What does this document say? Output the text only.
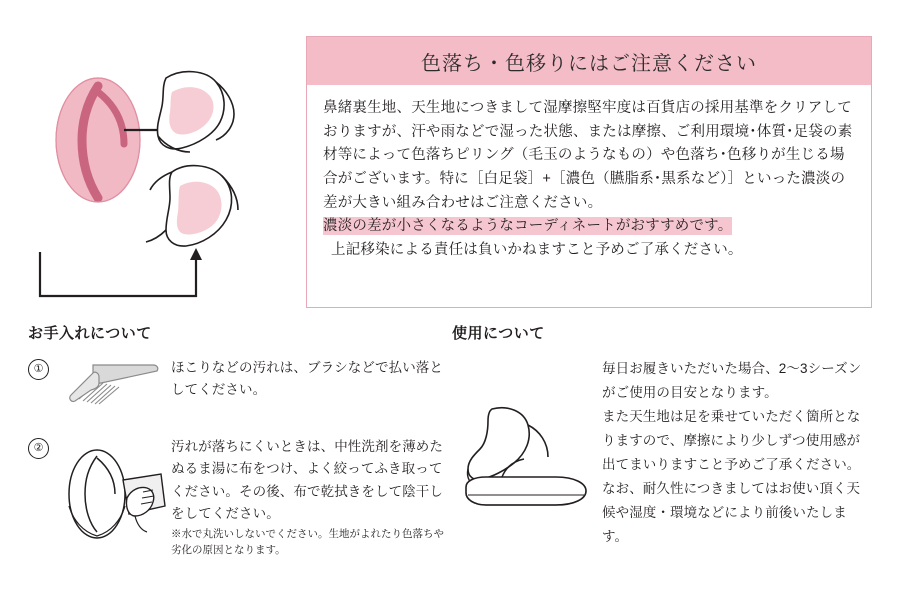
色落ち・色移りにはご注意ください

鼻緒裏生地、天生地につきまして湿摩擦堅牢度は百貨店の採用基準をクリアしておりますが、汗や雨などで湿った状態、または摩擦、ご利用環境･体質･足袋の素材等によって色落ちピリング（毛玉のようなもの）や色落ち･色移りが生じる場合がございます。特に［白足袋］+［濃色（臙脂系･黒系など）］といった濃淡の差が大きい組み合わせはご注意ください。

濃淡の差が小さくなるようなコーディネートがおすすめです。

上記移染による責任は負いかねますこと予めご了承ください。

お手入れについて
①	ほこりなどの汚れは、ブラシなどで払い落としてください。

②	汚れが落ちにくいときは、中性洗剤を薄めたぬるま湯に布をつけ、よく絞ってふき取ってください。その後、布で乾拭きをして陰干しをしてください。

※水で丸洗いしないでください。生地がよれたり色落ちや劣化の原因となります。

使用について

毎日お履きいただいた場合、2～3シーズンがご使用の目安となります。

また天生地は足を乗せていただく箇所となりますので、摩擦により少しずつ使用感が出てまいりますこと予めご了承ください。

なお、耐久性につきましてはお使い頂く天候や湿度・環境などにより前後いたします。
